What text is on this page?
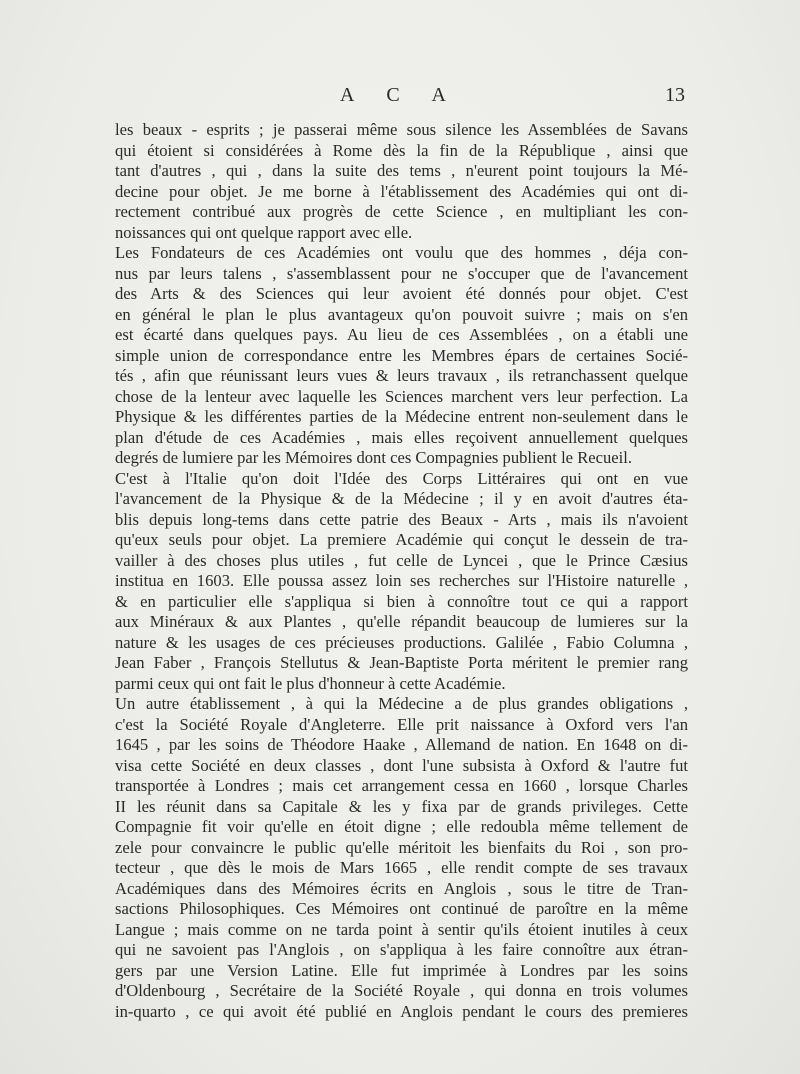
A C A	13
les beaux - esprits ; je passerai même sous silence les Assemblées de Savans
qui étoient si considérées à Rome dès la fin de la République , ainsi que
tant d'autres , qui , dans la suite des tems , n'eurent point toujours la Mé-
decine pour objet. Je me borne à l'établissement des Académies qui ont di-
rectement contribué aux progrès de cette Science , en multipliant les con-
noissances qui ont quelque rapport avec elle.
Les Fondateurs de ces Académies ont voulu que des hommes , déja con-
nus par leurs talens , s'assemblassent pour ne s'occuper que de l'avancement
des Arts & des Sciences qui leur avoient été donnés pour objet. C'est
en général le plan le plus avantageux qu'on pouvoit suivre ; mais on s'en
est écarté dans quelques pays. Au lieu de ces Assemblées , on a établi une
simple union de correspondance entre les Membres épars de certaines Socié-
tés , afin que réunissant leurs vues & leurs travaux , ils retranchassent quelque
chose de la lenteur avec laquelle les Sciences marchent vers leur perfection. La
Physique & les différentes parties de la Médecine entrent non-seulement dans le
plan d'étude de ces Académies , mais elles reçoivent annuellement quelques
degrés de lumiere par les Mémoires dont ces Compagnies publient le Recueil.
C'est à l'Italie qu'on doit l'Idée des Corps Littéraires qui ont en vue
l'avancement de la Physique & de la Médecine ; il y en avoit d'autres éta-
blis depuis long-tems dans cette patrie des Beaux - Arts , mais ils n'avoient
qu'eux seuls pour objet. La premiere Académie qui conçut le dessein de tra-
vailler à des choses plus utiles , fut celle de Lyncei , que le Prince Cæsius
institua en 1603. Elle poussa assez loin ses recherches sur l'Histoire naturelle ,
& en particulier elle s'appliqua si bien à connoître tout ce qui a rapport
aux Minéraux & aux Plantes , qu'elle répandit beaucoup de lumieres sur la
nature & les usages de ces précieuses productions. Galilée , Fabio Columna ,
Jean Faber , François Stellutus & Jean-Baptiste Porta méritent le premier rang
parmi ceux qui ont fait le plus d'honneur à cette Académie.
Un autre établissement , à qui la Médecine a de plus grandes obligations ,
c'est la Société Royale d'Angleterre. Elle prit naissance à Oxford vers l'an
1645 , par les soins de Théodore Haake , Allemand de nation. En 1648 on di-
visa cette Société en deux classes , dont l'une subsista à Oxford & l'autre fut
transportée à Londres ; mais cet arrangement cessa en 1660 , lorsque Charles
II les réunit dans sa Capitale & les y fixa par de grands privileges. Cette
Compagnie fit voir qu'elle en étoit digne ; elle redoubla même tellement de
zele pour convaincre le public qu'elle méritoit les bienfaits du Roi , son pro-
tecteur , que dès le mois de Mars 1665 , elle rendit compte de ses travaux
Académiques dans des Mémoires écrits en Anglois , sous le titre de Tran-
sactions Philosophiques. Ces Mémoires ont continué de paroître en la même
Langue ; mais comme on ne tarda point à sentir qu'ils étoient inutiles à ceux
qui ne savoient pas l'Anglois , on s'appliqua à les faire connoître aux étran-
gers par une Version Latine. Elle fut imprimée à Londres par les soins
d'Oldenbourg , Secrétaire de la Société Royale , qui donna en trois volumes
in-quarto , ce qui avoit été publié en Anglois pendant le cours des premieres
